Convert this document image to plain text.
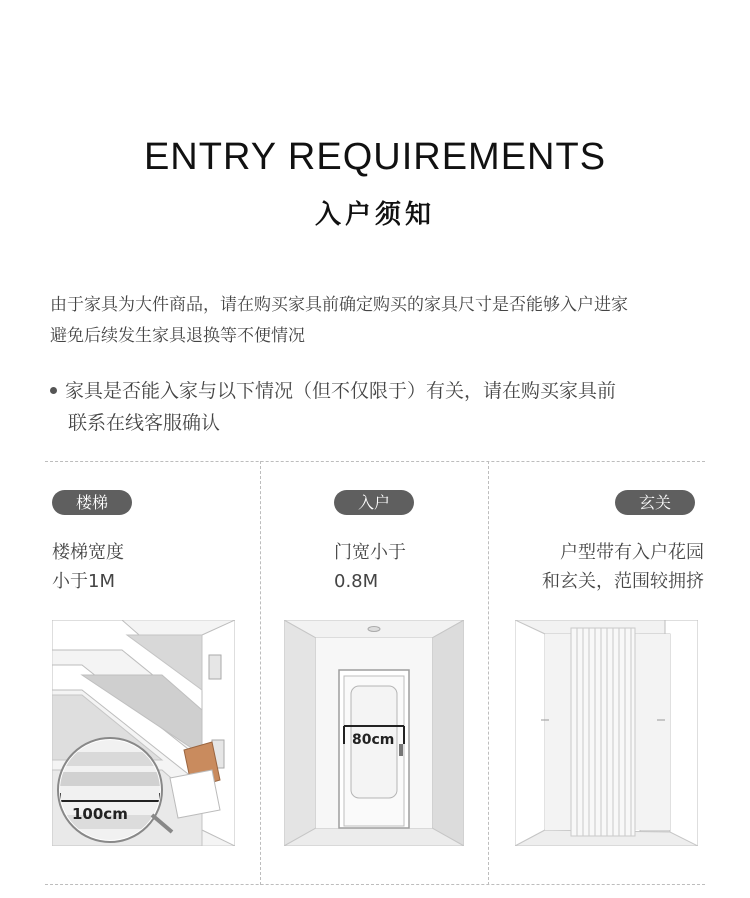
ENTRY REQUIREMENTS
入户须知
由于家具为大件商品，请在购买家具前确定购买的家具尺寸是否能够入户进家
避免后续发生家具退换等不便情况
家具是否能入家与以下情况（但不仅限于）有关，请在购买家具前
联系在线客服确认
楼梯
楼梯宽度
小于1M
100cm
入户
门宽小于
0.8M
80cm
玄关
户型带有入户花园
和玄关，范围较拥挤
